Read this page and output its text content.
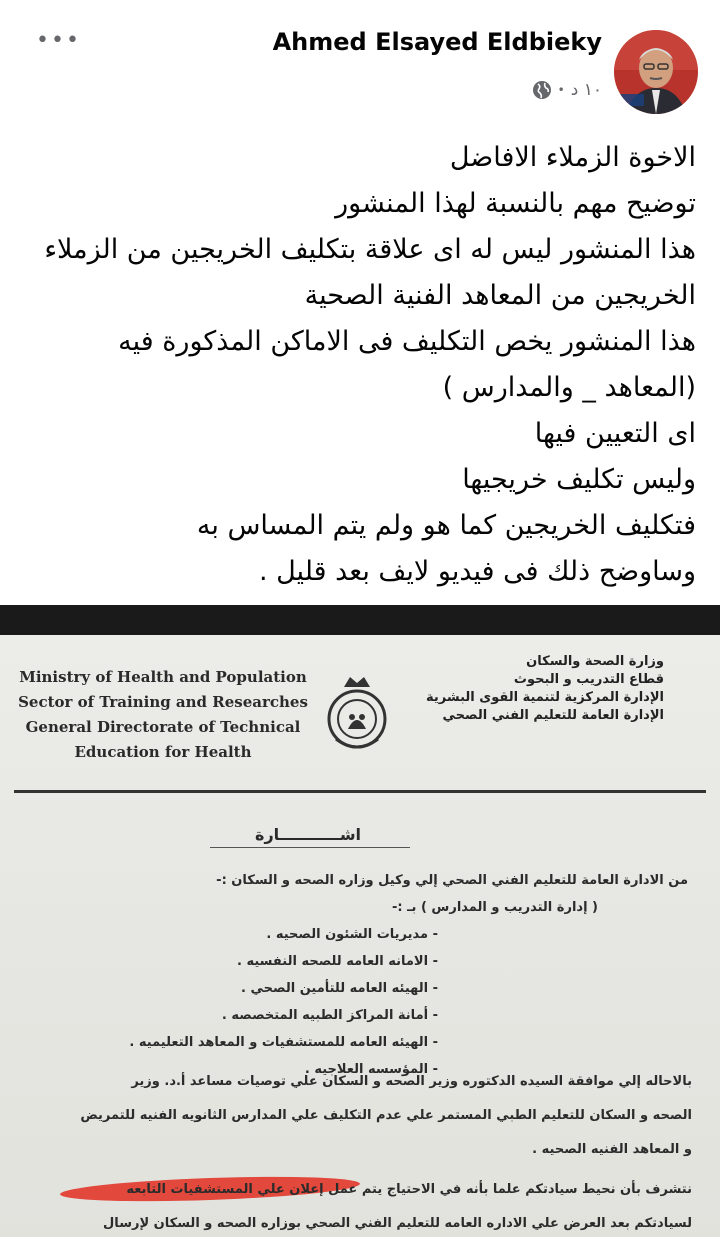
•••	Ahmed Elsayed Eldbieky
١٠ د
•
الاخوة الزملاء الافاضل
توضيح مهم بالنسبة لهذا المنشور
هذا المنشور ليس له اى علاقة بتكليف الخريجين من الزملاء
الخريجين من المعاهد الفنية الصحية
هذا المنشور يخص التكليف فى الاماكن المذكورة فيه
(المعاهد _ والمدارس )
اى التعيين فيها
وليس تكليف خريجيها
فتكليف الخريجين كما هو ولم يتم المساس به
وساوضح ذلك فى فيديو لايف بعد قليل .
Ministry of Health and Population
Sector of Training and Researches
General Directorate of Technical
Education for Health
وزارة الصحة والسكان
قطاع التدريب و البحوث
الإدارة المركزية لتنمية القوى البشرية
الإدارة العامة للتعليم الفني الصحي
اشـــــــــــارة
من الادارة العامة للتعليم الفني الصحي إلي وكيل وزاره الصحه و السكان :-
( إدارة التدريب و المدارس ) بـ :-
- مديريات الشئون الصحيه .
- الامانه العامه للصحه النفسيه .
- الهيئه العامه للتأمين الصحي .
- أمانة المراكز الطبيه المتخصصه .
- الهيئه العامه للمستشفيات و المعاهد التعليميه .
- المؤسسه العلاجيه .
بالاحاله إلي موافقة السيده الدكتوره وزير الصحه و السكان علي توصيات مساعد أ.د. وزير
الصحه و السكان للتعليم الطبي المستمر علي عدم التكليف علي المدارس الثانويه الفنيه للتمريض
و المعاهد الفنيه الصحيه .
نتشرف بأن نحيط سيادتكم علما بأنه في الاحتياج يتم عمل إعلان علي المستشفيات التابعه
لسيادتكم بعد العرض علي الاداره العامه للتعليم الفني الصحي بوزاره الصحه و السكان لإرسال
